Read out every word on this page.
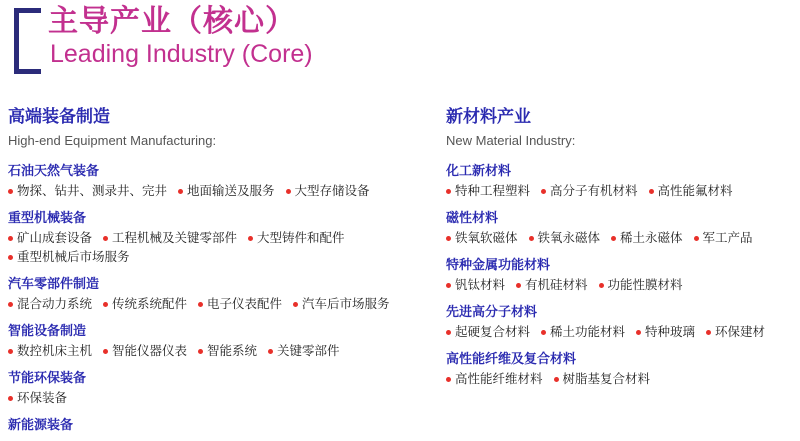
主导产业（核心）
Leading Industry (Core)
高端装备制造
High-end Equipment Manufacturing:
石油天然气装备
物探、钻井、测录井、完井 地面输送及服务 大型存储设备
重型机械装备
矿山成套设备 工程机械及关键零部件 大型铸件和配件
重型机械后市场服务
汽车零部件制造
混合动力系统 传统系统配件 电子仪表配件 汽车后市场服务
智能设备制造
数控机床主机 智能仪器仪表 智能系统 关键零部件
节能环保装备
环保装备
新能源装备
新材料产业
New Material Industry:
化工新材料
特种工程塑料 高分子有机材料 高性能氟材料
磁性材料
铁氧软磁体 铁氧永磁体 稀土永磁体 军工产品
特种金属功能材料
钒钛材料 有机硅材料 功能性膜材料
先进高分子材料
起硬复合材料 稀土功能材料 特种玻璃 环保建材
高性能纤维及复合材料
高性能纤维材料 树脂基复合材料
